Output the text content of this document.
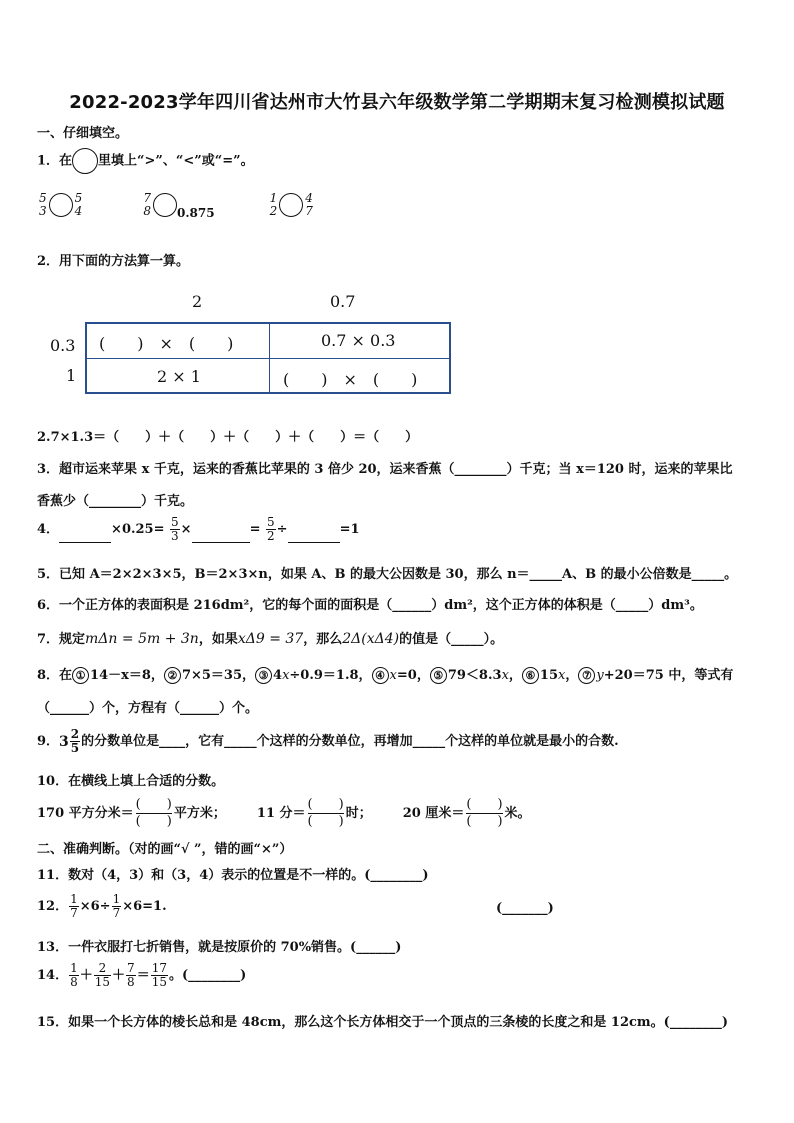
2022-2023学年四川省达州市大竹县六年级数学第二学期期末复习检测模拟试题
一、仔细填空。
1．在 里填上“>”、“<”或“=”。
5
3
5
4

7
8 0.875
1
2
4
7
2．用下面的方法算一算。
2	0.7
0.3
1
(　　)　×　(　　)	0.7 × 0.3
2 × 1	(　　)　×　(　　)
2.7×1.3＝（　　）＋（　　）＋（　　）＋（　　）＝（　　）
3．超市运来苹果 x 千克，运来的香蕉比苹果的 3 倍少 20，运来香蕉（________）千克；当 x＝120 时，运来的苹果比
香蕉少（________）千克。
4．	$\times 0.25= \frac{5}{3}$ ×	= $\frac{5}{2}$ ÷	=1
5．已知 A＝2×2×3×5，B＝2×3×n，如果 A、B 的最大公因数是 30，那么 n＝_____A、B 的最小公倍数是_____。
6．一个正方体的表面积是 216dm²，它的每个面的面积是（______）dm²，这个正方体的体积是（_____）dm³。
7．规定mΔn = 5m + 3n，如果xΔ9 = 37，那么2Δ(xΔ4)的值是（_____）。
8．在 ① 14－x＝8， ② 7×5＝35， ③ 4x÷0.9＝1.8， ④ x=0， ⑤ 79＜8.3x， ⑥ 15x， ⑦ y+20＝75 中，等式有
（______）个，方程有（______）个。
9． $3 \frac{2}{5}$ 的分数单位是____，它有_____个这样的分数单位，再增加_____个这样的单位就是最小的合数.
10．在横线上填上合适的分数。
170 平方分米＝
(　　)
(　　)
平方米； 11 分＝
(　　)
(　　)
时； 20 厘米＝
(　　)
(　　)
米。
二、准确判断。（对的画“√ ”，错的画“×”）
11．数对（4，3）和（3，4）表示的位置是不一样的。(________)
12． $\frac{1}{7} \times 6\div \frac{1}{7} \times 6=1$.	(_______)
13．一件衣服打七折销售，就是按原价的 70%销售。(______)
14． $\frac{1}{8} + \frac{2}{15} + \frac{7}{8} = \frac{17}{15}$ 。(________)
15．如果一个长方体的棱长总和是 48cm，那么这个长方体相交于一个顶点的三条棱的长度之和是 12cm。(________)
